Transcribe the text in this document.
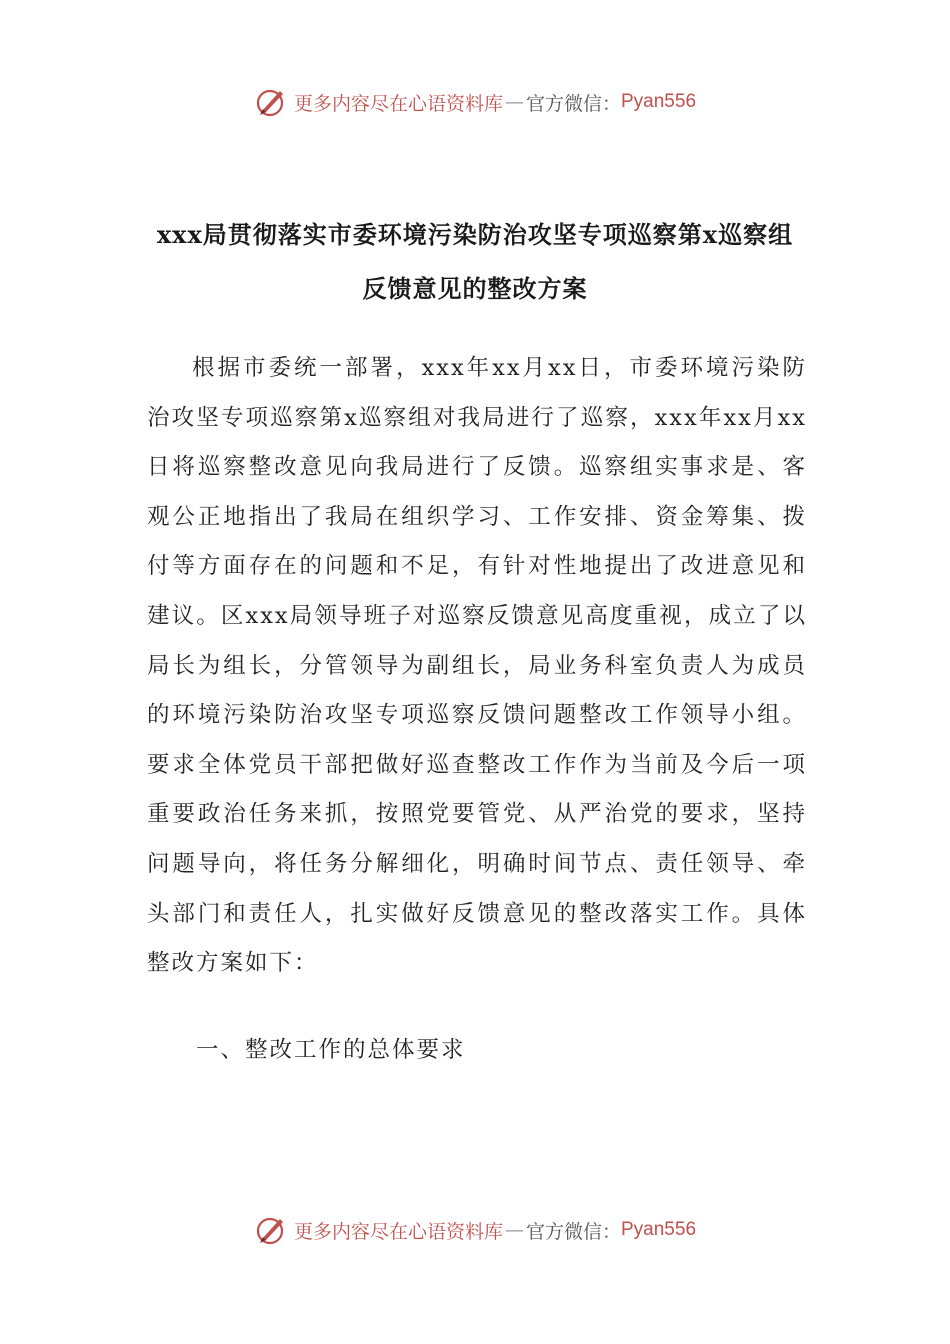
更多内容尽在心语资料库 — 官方微信： Pyan556
xxx局贯彻落实市委环境污染防治攻坚专项巡察第x巡察组
反馈意见的整改方案

根据市委统一部署，xxx年xx月xx日，市委环境污染防治攻坚专项巡察第x巡察组对我局进行了巡察，xxx年xx月xx日将巡察整改意见向我局进行了反馈。巡察组实事求是、客观公正地指出了我局在组织学习、工作安排、资金筹集、拨付等方面存在的问题和不足，有针对性地提出了改进意见和建议。区xxx局领导班子对巡察反馈意见高度重视，成立了以局长为组长，分管领导为副组长，局业务科室负责人为成员的环境污染防治攻坚专项巡察反馈问题整改工作领导小组。要求全体党员干部把做好巡查整改工作作为当前及今后一项重要政治任务来抓，按照党要管党、从严治党的要求，坚持问题导向，将任务分解细化，明确时间节点、责任领导、牵头部门和责任人，扎实做好反馈意见的整改落实工作。具体整改方案如下：

一、整改工作的总体要求

更多内容尽在心语资料库 — 官方微信： Pyan556
